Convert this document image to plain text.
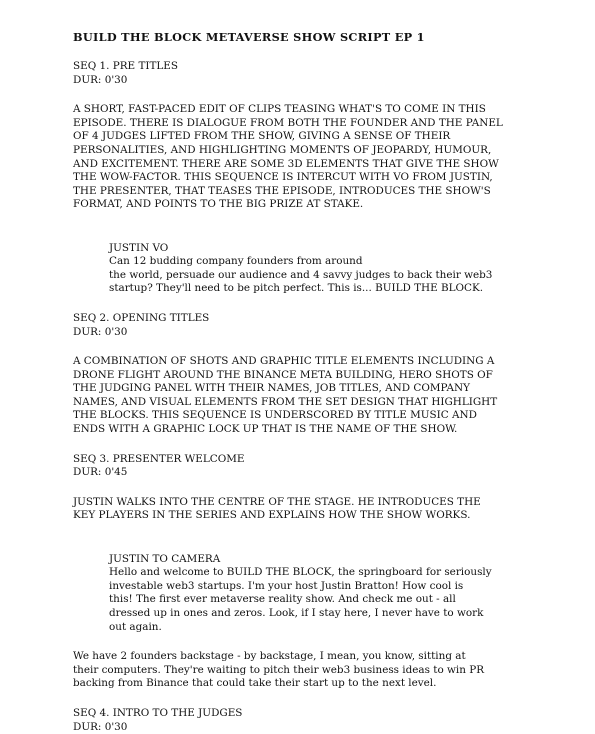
BUILD THE BLOCK METAVERSE SHOW SCRIPT EP 1
SEQ 1. PRE TITLES
DUR: 0'30
A SHORT, FAST-PACED EDIT OF CLIPS TEASING WHAT'S TO COME IN THIS
EPISODE. THERE IS DIALOGUE FROM BOTH THE FOUNDER AND THE PANEL
OF 4 JUDGES LIFTED FROM THE SHOW, GIVING A SENSE OF THEIR
PERSONALITIES, AND HIGHLIGHTING MOMENTS OF JEOPARDY, HUMOUR,
AND EXCITEMENT. THERE ARE SOME 3D ELEMENTS THAT GIVE THE SHOW
THE WOW-FACTOR. THIS SEQUENCE IS INTERCUT WITH VO FROM JUSTIN,
THE PRESENTER, THAT TEASES THE EPISODE, INTRODUCES THE SHOW'S
FORMAT, AND POINTS TO THE BIG PRIZE AT STAKE.

JUSTIN VO
Can 12 budding company founders from around
the world, persuade our audience and 4 savvy judges to back their web3
startup? They'll need to be pitch perfect. This is... BUILD THE BLOCK.

SEQ 2. OPENING TITLES
DUR: 0'30
A COMBINATION OF SHOTS AND GRAPHIC TITLE ELEMENTS INCLUDING A
DRONE FLIGHT AROUND THE BINANCE META BUILDING, HERO SHOTS OF
THE JUDGING PANEL WITH THEIR NAMES, JOB TITLES, AND COMPANY
NAMES, AND VISUAL ELEMENTS FROM THE SET DESIGN THAT HIGHLIGHT
THE BLOCKS. THIS SEQUENCE IS UNDERSCORED BY TITLE MUSIC AND
ENDS WITH A GRAPHIC LOCK UP THAT IS THE NAME OF THE SHOW.
SEQ 3. PRESENTER WELCOME
DUR: 0'45
JUSTIN WALKS INTO THE CENTRE OF THE STAGE. HE INTRODUCES THE
KEY PLAYERS IN THE SERIES AND EXPLAINS HOW THE SHOW WORKS.

JUSTIN TO CAMERA
Hello and welcome to BUILD THE BLOCK, the springboard for seriously
investable web3 startups. I'm your host Justin Bratton! How cool is
this! The first ever metaverse reality show. And check me out - all
dressed up in ones and zeros. Look, if I stay here, I never have to work
out again.

We have 2 founders backstage - by backstage, I mean, you know, sitting at
their computers. They're waiting to pitch their web3 business ideas to win PR
backing from Binance that could take their start up to the next level.
SEQ 4. INTRO TO THE JUDGES
DUR: 0'30
